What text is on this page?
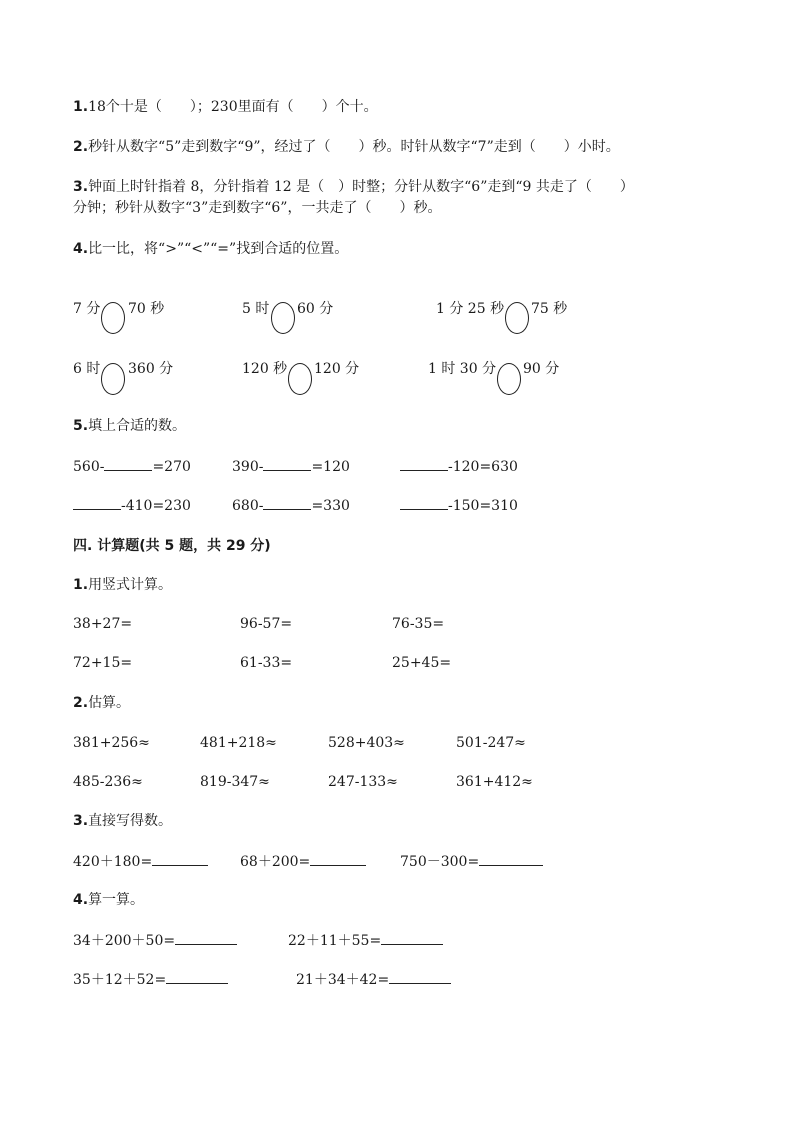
1.18个十是（　　）；230里面有（　　）个十。
2.秒针从数字“5”走到数字“9”，经过了（　　）秒。时针从数字“7”走到（　　）小时。
3.钟面上时针指着 8，分针指着 12 是（　）时整；分针从数字“6”走到“9 共走了（　　）
分钟；秒针从数字“3”走到数字“6”，一共走了（　　）秒。
4.比一比，将“>”“<”“=”找到合适的位置。
7 分 70 秒	5 时 60 分	1 分 25 秒 75 秒
6 时 360 分	120 秒 120 分	1 时 30 分 90 分
5.填上合适的数。
560-	=270	390-	=120	-120=630
-410=230	680-	=330	-150=310
四. 计算题(共 5 题，共 29 分)
1.用竖式计算。
38+27=	96-57=	76-35=
72+15=	61-33=	25+45=
2.估算。
381+256≈	481+218≈	528+403≈	501-247≈
485-236≈	819-347≈	247-133≈	361+412≈
3.直接写得数。
420＋180=	68＋200=	750－300=
4.算一算。
34＋200＋50=	22＋11＋55=
35＋12＋52=	21＋34＋42=
